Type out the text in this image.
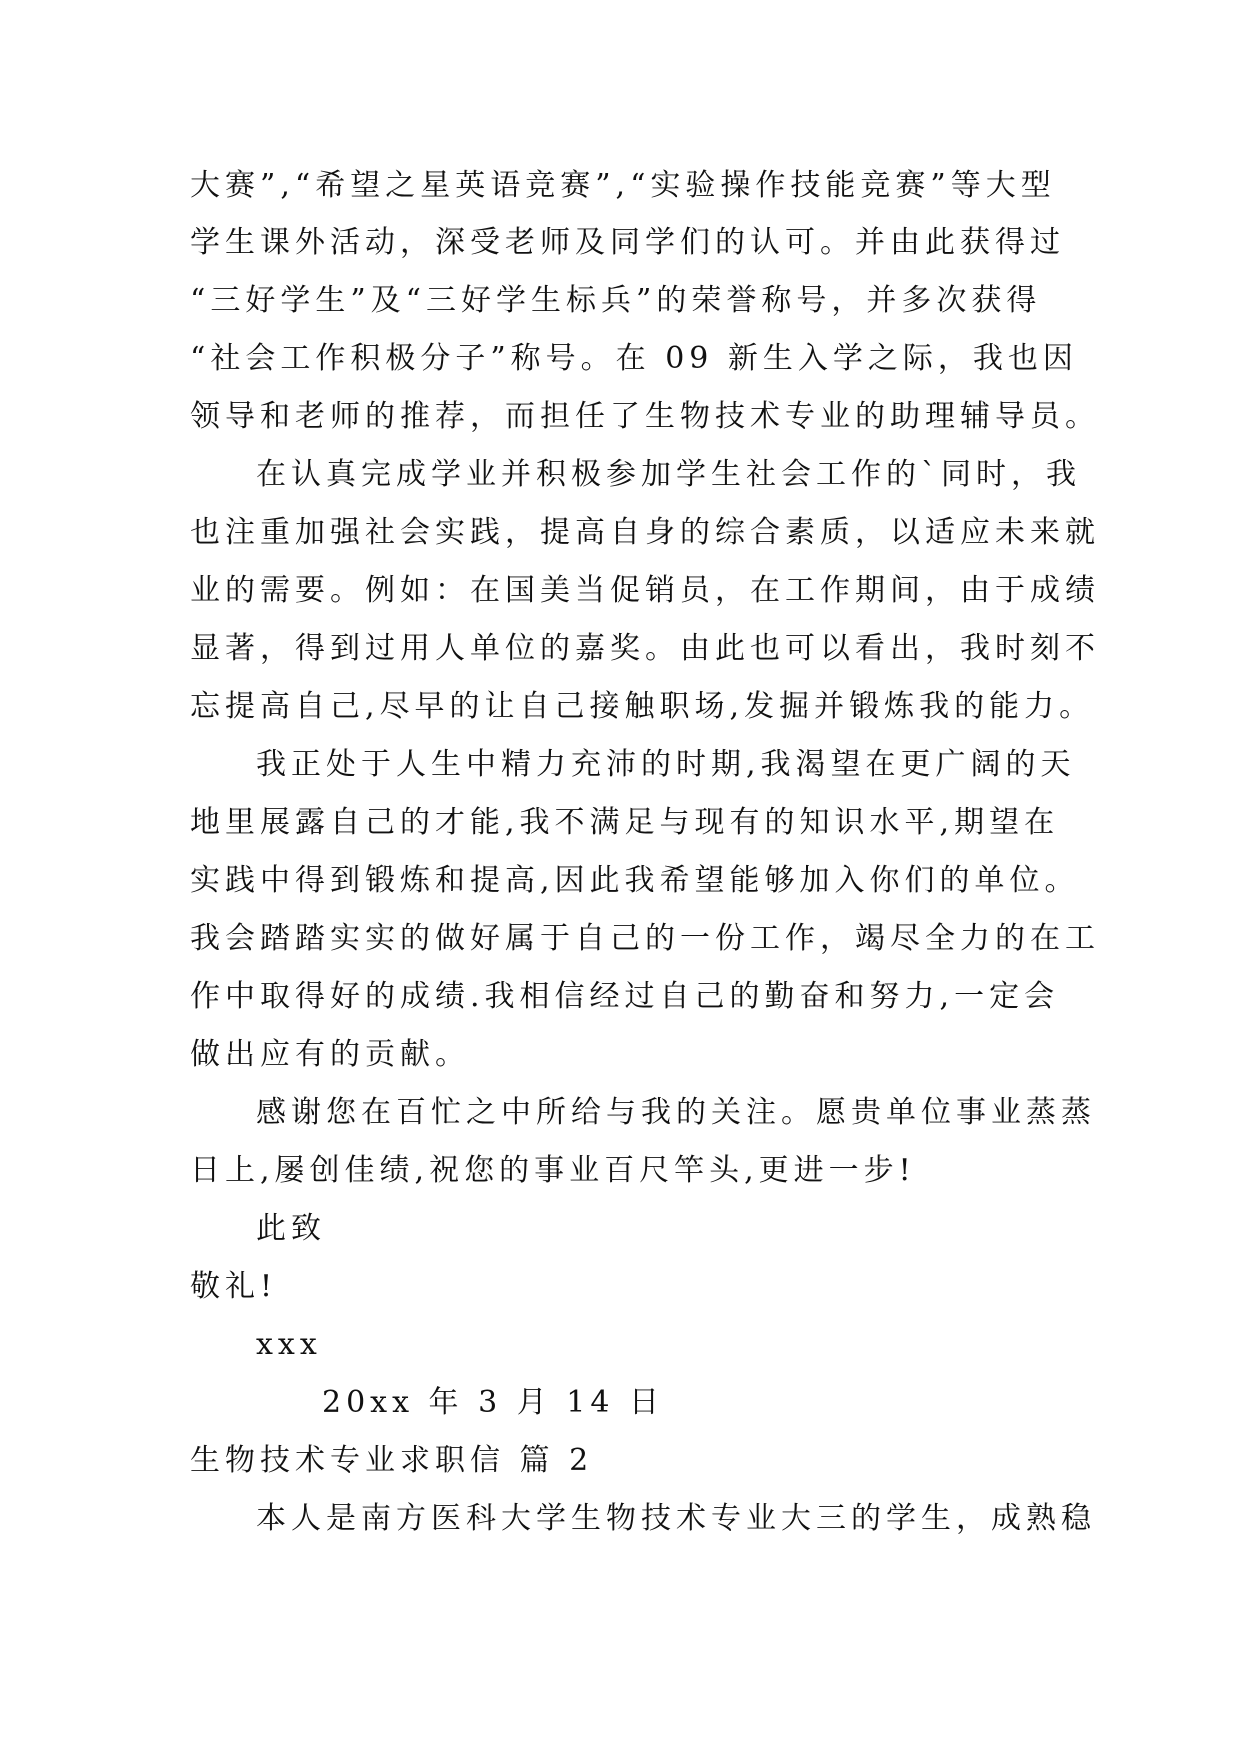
大赛”,“希望之星英语竞赛”,“实验操作技能竞赛”等大型
学生课外活动，深受老师及同学们的认可。并由此获得过
“三好学生”及“三好学生标兵”的荣誉称号，并多次获得
“社会工作积极分子”称号。在 09 新生入学之际，我也因
领导和老师的推荐，而担任了生物技术专业的助理辅导员。
在认真完成学业并积极参加学生社会工作的`同时，我
也注重加强社会实践，提高自身的综合素质，以适应未来就
业的需要。例如：在国美当促销员，在工作期间，由于成绩
显著，得到过用人单位的嘉奖。由此也可以看出，我时刻不
忘提高自己,尽早的让自己接触职场,发掘并锻炼我的能力。
我正处于人生中精力充沛的时期,我渴望在更广阔的天
地里展露自己的才能,我不满足与现有的知识水平,期望在
实践中得到锻炼和提高,因此我希望能够加入你们的单位。
我会踏踏实实的做好属于自己的一份工作，竭尽全力的在工
作中取得好的成绩.我相信经过自己的勤奋和努力,一定会
做出应有的贡献。
感谢您在百忙之中所给与我的关注。愿贵单位事业蒸蒸
日上,屡创佳绩,祝您的事业百尺竿头,更进一步!
此致
敬礼!
xxx
20xx 年 3 月 14 日
生物技术专业求职信 篇 2
本人是南方医科大学生物技术专业大三的学生，成熟稳
